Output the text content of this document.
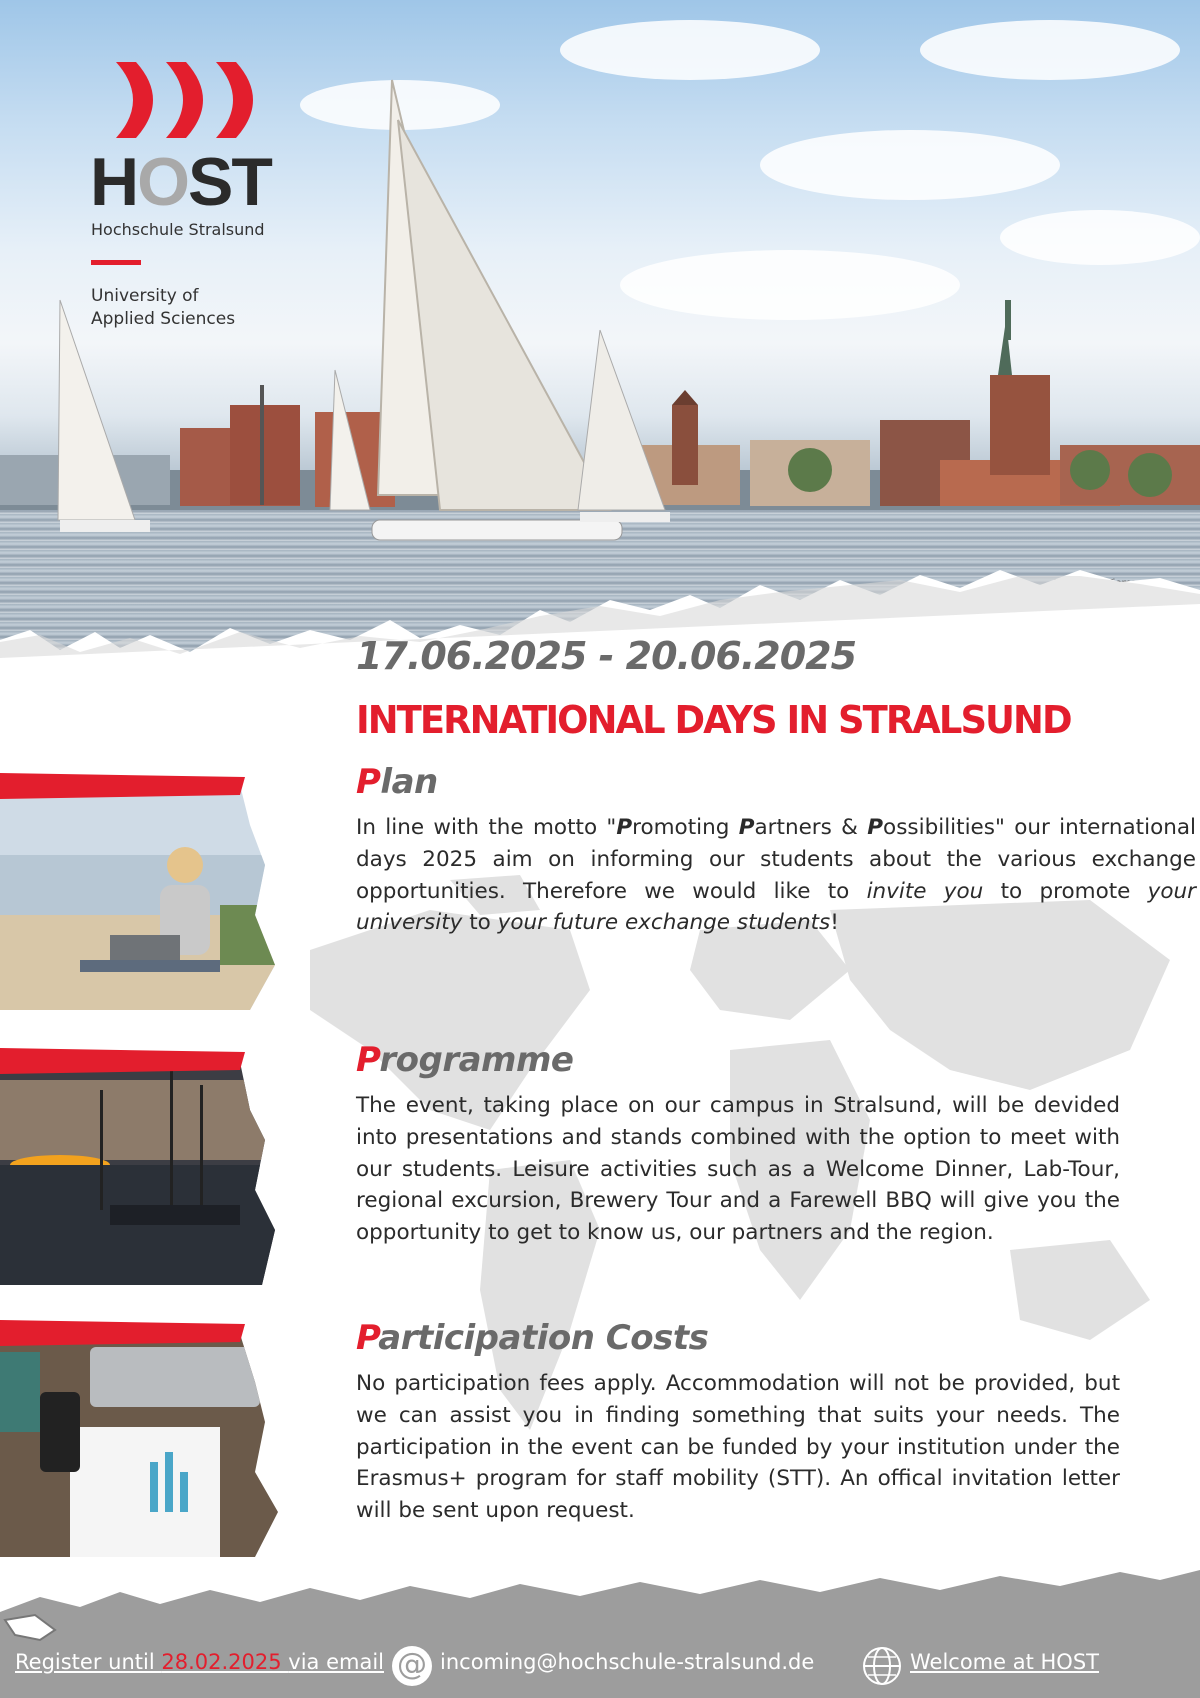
HOST
Hochschule Stralsund
University of
Applied Sciences
17.06.2025 - 20.06.2025
INTERNATIONAL DAYS IN STRALSUND
Plan
In line with the motto "Promoting Partners & Possibilities" our international days 2025 aim on informing our students about the various exchange opportunities. Therefore we would like to invite you to promote your university to your future exchange students!
Programme
The event, taking place on our campus in Stralsund, will be devided into presentations and stands combined with the option to meet with our students. Leisure activities such as a Welcome Dinner, Lab-Tour, regional excursion, Brewery Tour and a Farewell BBQ will give you the opportunity to get to know us, our partners and the region.
Participation Costs
No participation fees apply. Accommodation will not be provided, but we can assist you in finding something that suits your needs. The participation in the event can be funded by your institution under the Erasmus+ program for staff mobility (STT). An offical invitation letter will be sent upon request.
Register until 28.02.2025 via email @ incoming@hochschule-stralsund.de	Welcome at HOST
